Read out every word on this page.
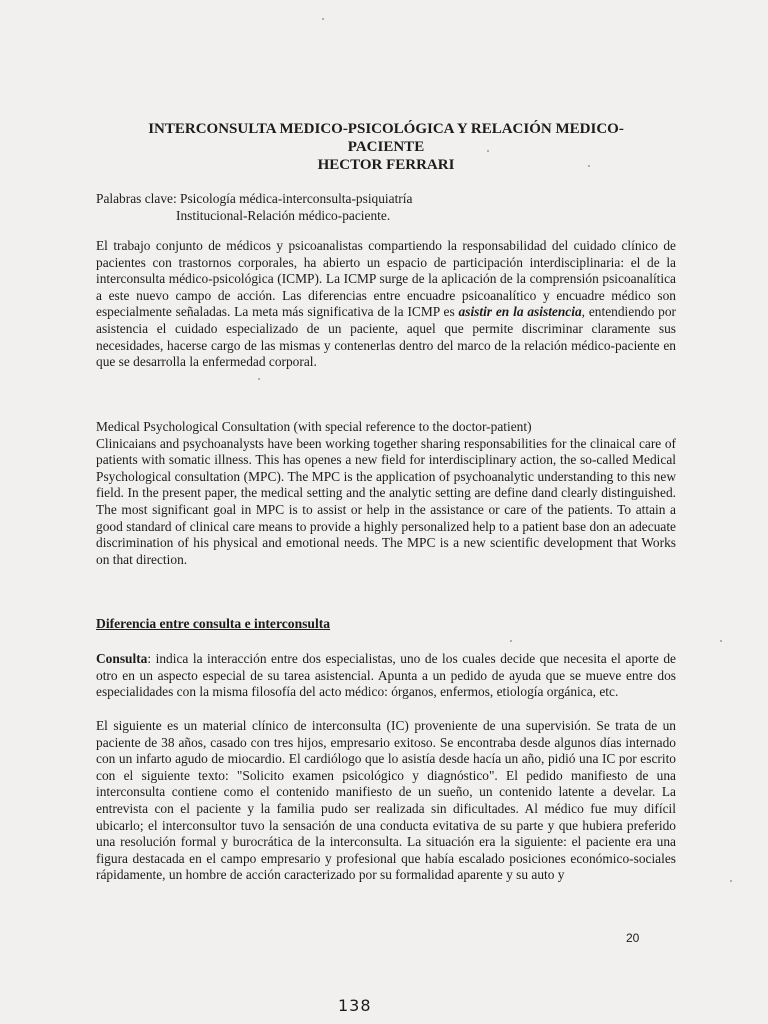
INTERCONSULTA MEDICO-PSICOLÓGICA Y RELACIÓN MEDICO-
PACIENTE
HECTOR FERRARI
Palabras clave: Psicología médica-interconsulta-psiquiatría
Institucional-Relación médico-paciente.

El trabajo conjunto de médicos y psicoanalistas compartiendo la responsabilidad del cuidado clínico de pacientes con trastornos corporales, ha abierto un espacio de participación interdisciplinaria: el de la interconsulta médico-psicológica (ICMP). La ICMP surge de la aplicación de la comprensión psicoanalítica a este nuevo campo de acción. Las diferencias entre encuadre psicoanalítico y encuadre médico son especialmente señaladas. La meta más significativa de la ICMP es asistir en la asistencia, entendiendo por asistencia el cuidado especializado de un paciente, aquel que permite discriminar claramente sus necesidades, hacerse cargo de las mismas y contenerlas dentro del marco de la relación médico-paciente en que se desarrolla la enfermedad corporal.

Medical Psychological Consultation (with special reference to the doctor-patient)
Clinicaians and psychoanalysts have been working together sharing responsabilities for the clinaical care of patients with somatic illness. This has openes a new field for interdisciplinary action, the so-called Medical Psychological consultation (MPC). The MPC is the application of psychoanalytic understanding to this new field. In the present paper, the medical setting and the analytic setting are define dand clearly distinguished. The most significant goal in MPC is to assist or help in the assistance or care of the patients. To attain a good standard of clinical care means to provide a highly personalized help to a patient base don an adecuate discrimination of his physical and emotional needs. The MPC is a new scientific development that Works on that direction.

Diferencia entre consulta e interconsulta

Consulta: indica la interacción entre dos especialistas, uno de los cuales decide que necesita el aporte de otro en un aspecto especial de su tarea asistencial. Apunta a un pedido de ayuda que se mueve entre dos especialidades con la misma filosofía del acto médico: órganos, enfermos, etiología orgánica, etc.

El siguiente es un material clínico de interconsulta (IC) proveniente de una supervisión. Se trata de un paciente de 38 años, casado con tres hijos, empresario exitoso. Se encontraba desde algunos días internado con un infarto agudo de miocardio. El cardiólogo que lo asistía desde hacía un año, pidió una IC por escrito con el siguiente texto: "Solicito examen psicológico y diagnóstico". El pedido manifiesto de una interconsulta contiene como el contenido manifiesto de un sueño, un contenido latente a develar. La entrevista con el paciente y la familia pudo ser realizada sin dificultades. Al médico fue muy difícil ubicarlo; el interconsultor tuvo la sensación de una conducta evitativa de su parte y que hubiera preferido una resolución formal y burocrática de la interconsulta. La situación era la siguiente: el paciente era una figura destacada en el campo empresario y profesional que había escalado posiciones económico-sociales rápidamente, un hombre de acción caracterizado por su formalidad aparente y su auto y

20
138
